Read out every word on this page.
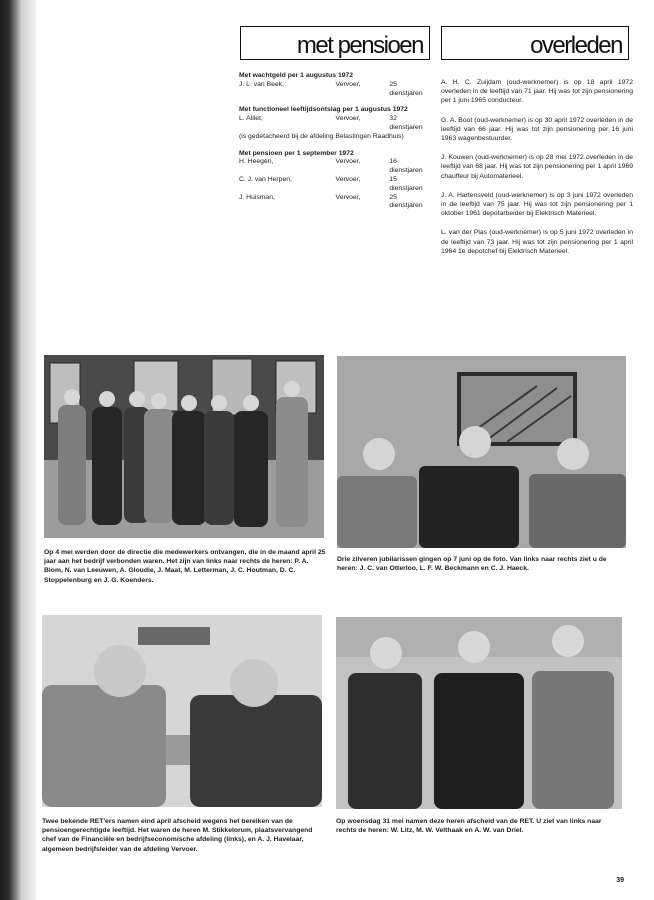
met pensioen	overleden
Met wachtgeld per 1 augustus 1972
J. L. van Beek,	Vervoer,	25 dienstjaren
Met functioneel leeftijdsontslag per 1 augustus 1972
L. Alliet,	Vervoer,	32 dienstjaren
(is gedetacheerd bij de afdeling Belastingen Raadhuis)
Met pensioen per 1 september 1972
H. Heegen,	Vervoer,	16 dienstjaren
C. J. van Herpen,	Vervoer,	15 dienstjaren
J. Huisman,	Vervoer,	25 dienstjaren

A. H. C. Zuijdam (oud-werknemer) is op 18 april 1972 overleden in de leeftijd van 71 jaar. Hij was tot zijn pensionering per 1 juni 1965 conducteur.

G. A. Boot (oud-werknemer) is op 30 april 1972 overleden in de leeftijd van 66 jaar. Hij was tot zijn pensionering per 16 juni 1963 wagenbestuurder.

J. Kouwen (oud-werknemer) is op 28 mei 1972 overleden in de leeftijd van 68 jaar. Hij was tot zijn pensionering per 1 april 1969 chauffeur bij Automaterieel.

J. A. Hartensveld (oud-werknemer) is op 3 juni 1972 overleden in de leeftijd van 75 jaar. Hij was tot zijn pensionering per 1 oktober 1961 depotarbeider bij Elektrisch Materieel.

L. van der Plas (oud-werknemer) is op 5 juni 1972 overleden in de leeftijd van 73 jaar. Hij was tot zijn pensionering per 1 april 1964 1e depotchef bij Elektrisch Materieel.

Op 4 mei werden door de directie die medewerkers ontvangen, die in de maand april 25 jaar aan het bedrijf verbonden waren. Het zijn van links naar rechts de heren: P. A. Blom, N. van Leeuwen, A. Gloudie, J. Maat, M. Letterman, J. C. Houtman, D. C. Stoppelenburg en J. G. Koenders.
Drie zilveren jubilarissen gingen op 7 juni op de foto. Van links naar rechts ziet u de heren: J. C. van Otterloo, L. F. W. Beckmann en C. J. Haeck.
Twee bekende RET'ers namen eind april afscheid wegens het bereiken van de pensioengerechtigde leeftijd. Het waren de heren M. Stikkelorum, plaatsvervangend chef van de Financiële en bedrijfseconomische afdeling (links), en A. J. Havelaar, algemeen bedrijfsleider van de afdeling Vervoer.
Op woensdag 31 mei namen deze heren afscheid van de RET. U ziet van links naar rechts de heren: W. Litz, M. W. Velthaak en A. W. van Driel.
39
